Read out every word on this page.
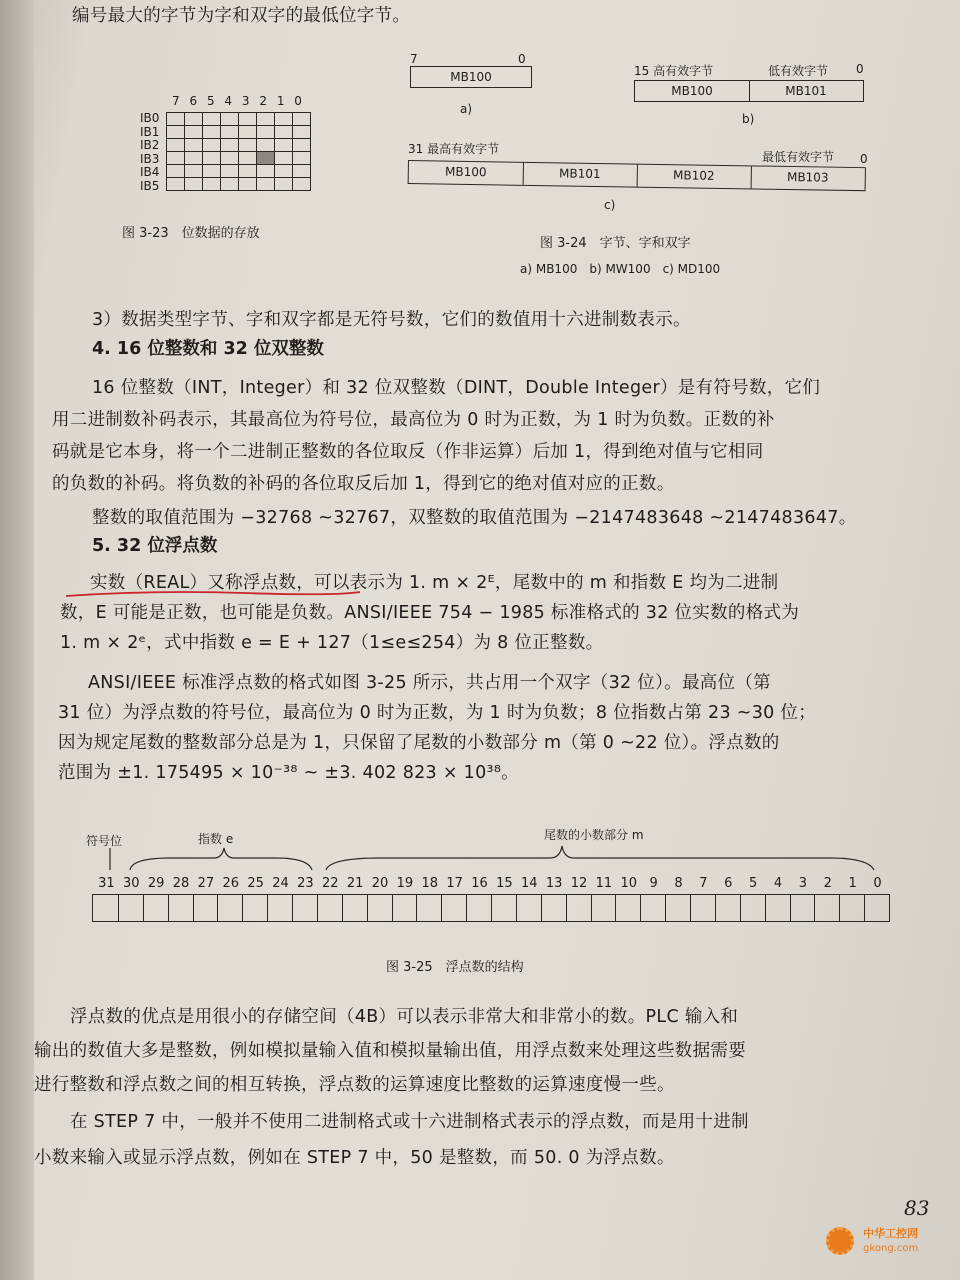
编号最大的字节为字和双字的最低位字节。
7 6 5 4 3 2 1 0
IB0
IB1
IB2
IB3
IB4
IB5

图 3-23　位数据的存放
7	0
MB100
a)
15 高有效字节	低有效字节 0
MB100	MB101
b)
31 最高有效字节
最低有效字节 0
MB100	MB101	MB102	MB103
c)
图 3-24　字节、字和双字
a) MB100　b) MW100　c) MD100
3）数据类型字节、字和双字都是无符号数，它们的数值用十六进制数表示。
4. 16 位整数和 32 位双整数
16 位整数（INT，Integer）和 32 位双整数（DINT，Double Integer）是有符号数，它们
用二进制数补码表示，其最高位为符号位，最高位为 0 时为正数，为 1 时为负数。正数的补
码就是它本身，将一个二进制正整数的各位取反（作非运算）后加 1，得到绝对值与它相同
的负数的补码。将负数的补码的各位取反后加 1，得到它的绝对值对应的正数。
整数的取值范围为 −32768 ~32767，双整数的取值范围为 −2147483648 ~2147483647。
5. 32 位浮点数
实数（REAL）又称浮点数，可以表示为 1. m × 2ᴱ，尾数中的 m 和指数 E 均为二进制
数，E 可能是正数，也可能是负数。ANSI/IEEE 754 − 1985 标准格式的 32 位实数的格式为
1. m × 2ᵉ，式中指数 e = E + 127（1≤e≤254）为 8 位正整数。
ANSI/IEEE 标准浮点数的格式如图 3-25 所示，共占用一个双字（32 位）。最高位（第
31 位）为浮点数的符号位，最高位为 0 时为正数，为 1 时为负数；8 位指数占第 23 ~30 位；
因为规定尾数的整数部分总是为 1，只保留了尾数的小数部分 m（第 0 ~22 位）。浮点数的
范围为 ±1. 175495 × 10⁻³⁸ ~ ±3. 402 823 × 10³⁸。
符号位	指数 e	尾数的小数部分 m
31 30 29 28 27 26 25 24 23 22 21 20 19 18 17 16 15 14 13 12 11 10 9	8	7	6	5	4	3	2	1	0
图 3-25　浮点数的结构
浮点数的优点是用很小的存储空间（4B）可以表示非常大和非常小的数。PLC 输入和
输出的数值大多是整数，例如模拟量输入值和模拟量输出值，用浮点数来处理这些数据需要
进行整数和浮点数之间的相互转换，浮点数的运算速度比整数的运算速度慢一些。
在 STEP 7 中，一般并不使用二进制格式或十六进制格式表示的浮点数，而是用十进制
小数来输入或显示浮点数，例如在 STEP 7 中，50 是整数，而 50. 0 为浮点数。
83
中华工控网
gkong.com
